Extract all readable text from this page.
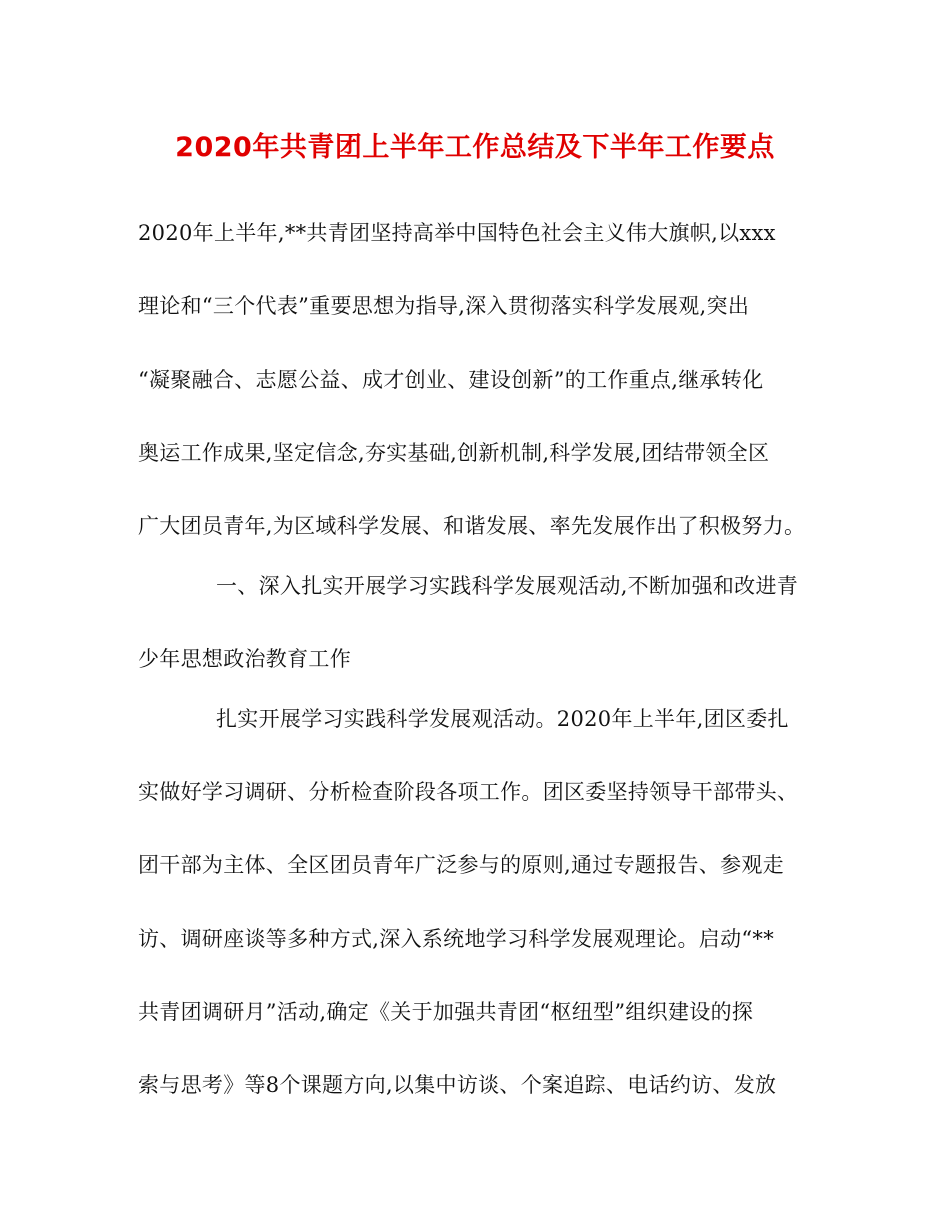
2020年共青团上半年工作总结及下半年工作要点
2020年上半年,**共青团坚持高举中国特色社会主义伟大旗帜,以xxx
理论和“三个代表”重要思想为指导,深入贯彻落实科学发展观,突出
“凝聚融合、志愿公益、成才创业、建设创新”的工作重点,继承转化
奥运工作成果,坚定信念,夯实基础,创新机制,科学发展,团结带领全区
广大团员青年,为区域科学发展、和谐发展、率先发展作出了积极努力。
一、深入扎实开展学习实践科学发展观活动,不断加强和改进青
少年思想政治教育工作
扎实开展学习实践科学发展观活动。2020年上半年,团区委扎
实做好学习调研、分析检查阶段各项工作。团区委坚持领导干部带头、
团干部为主体、全区团员青年广泛参与的原则,通过专题报告、参观走
访、调研座谈等多种方式,深入系统地学习科学发展观理论。启动“**
共青团调研月”活动,确定《关于加强共青团“枢纽型”组织建设的探
索与思考》等8个课题方向,以集中访谈、个案追踪、电话约访、发放
